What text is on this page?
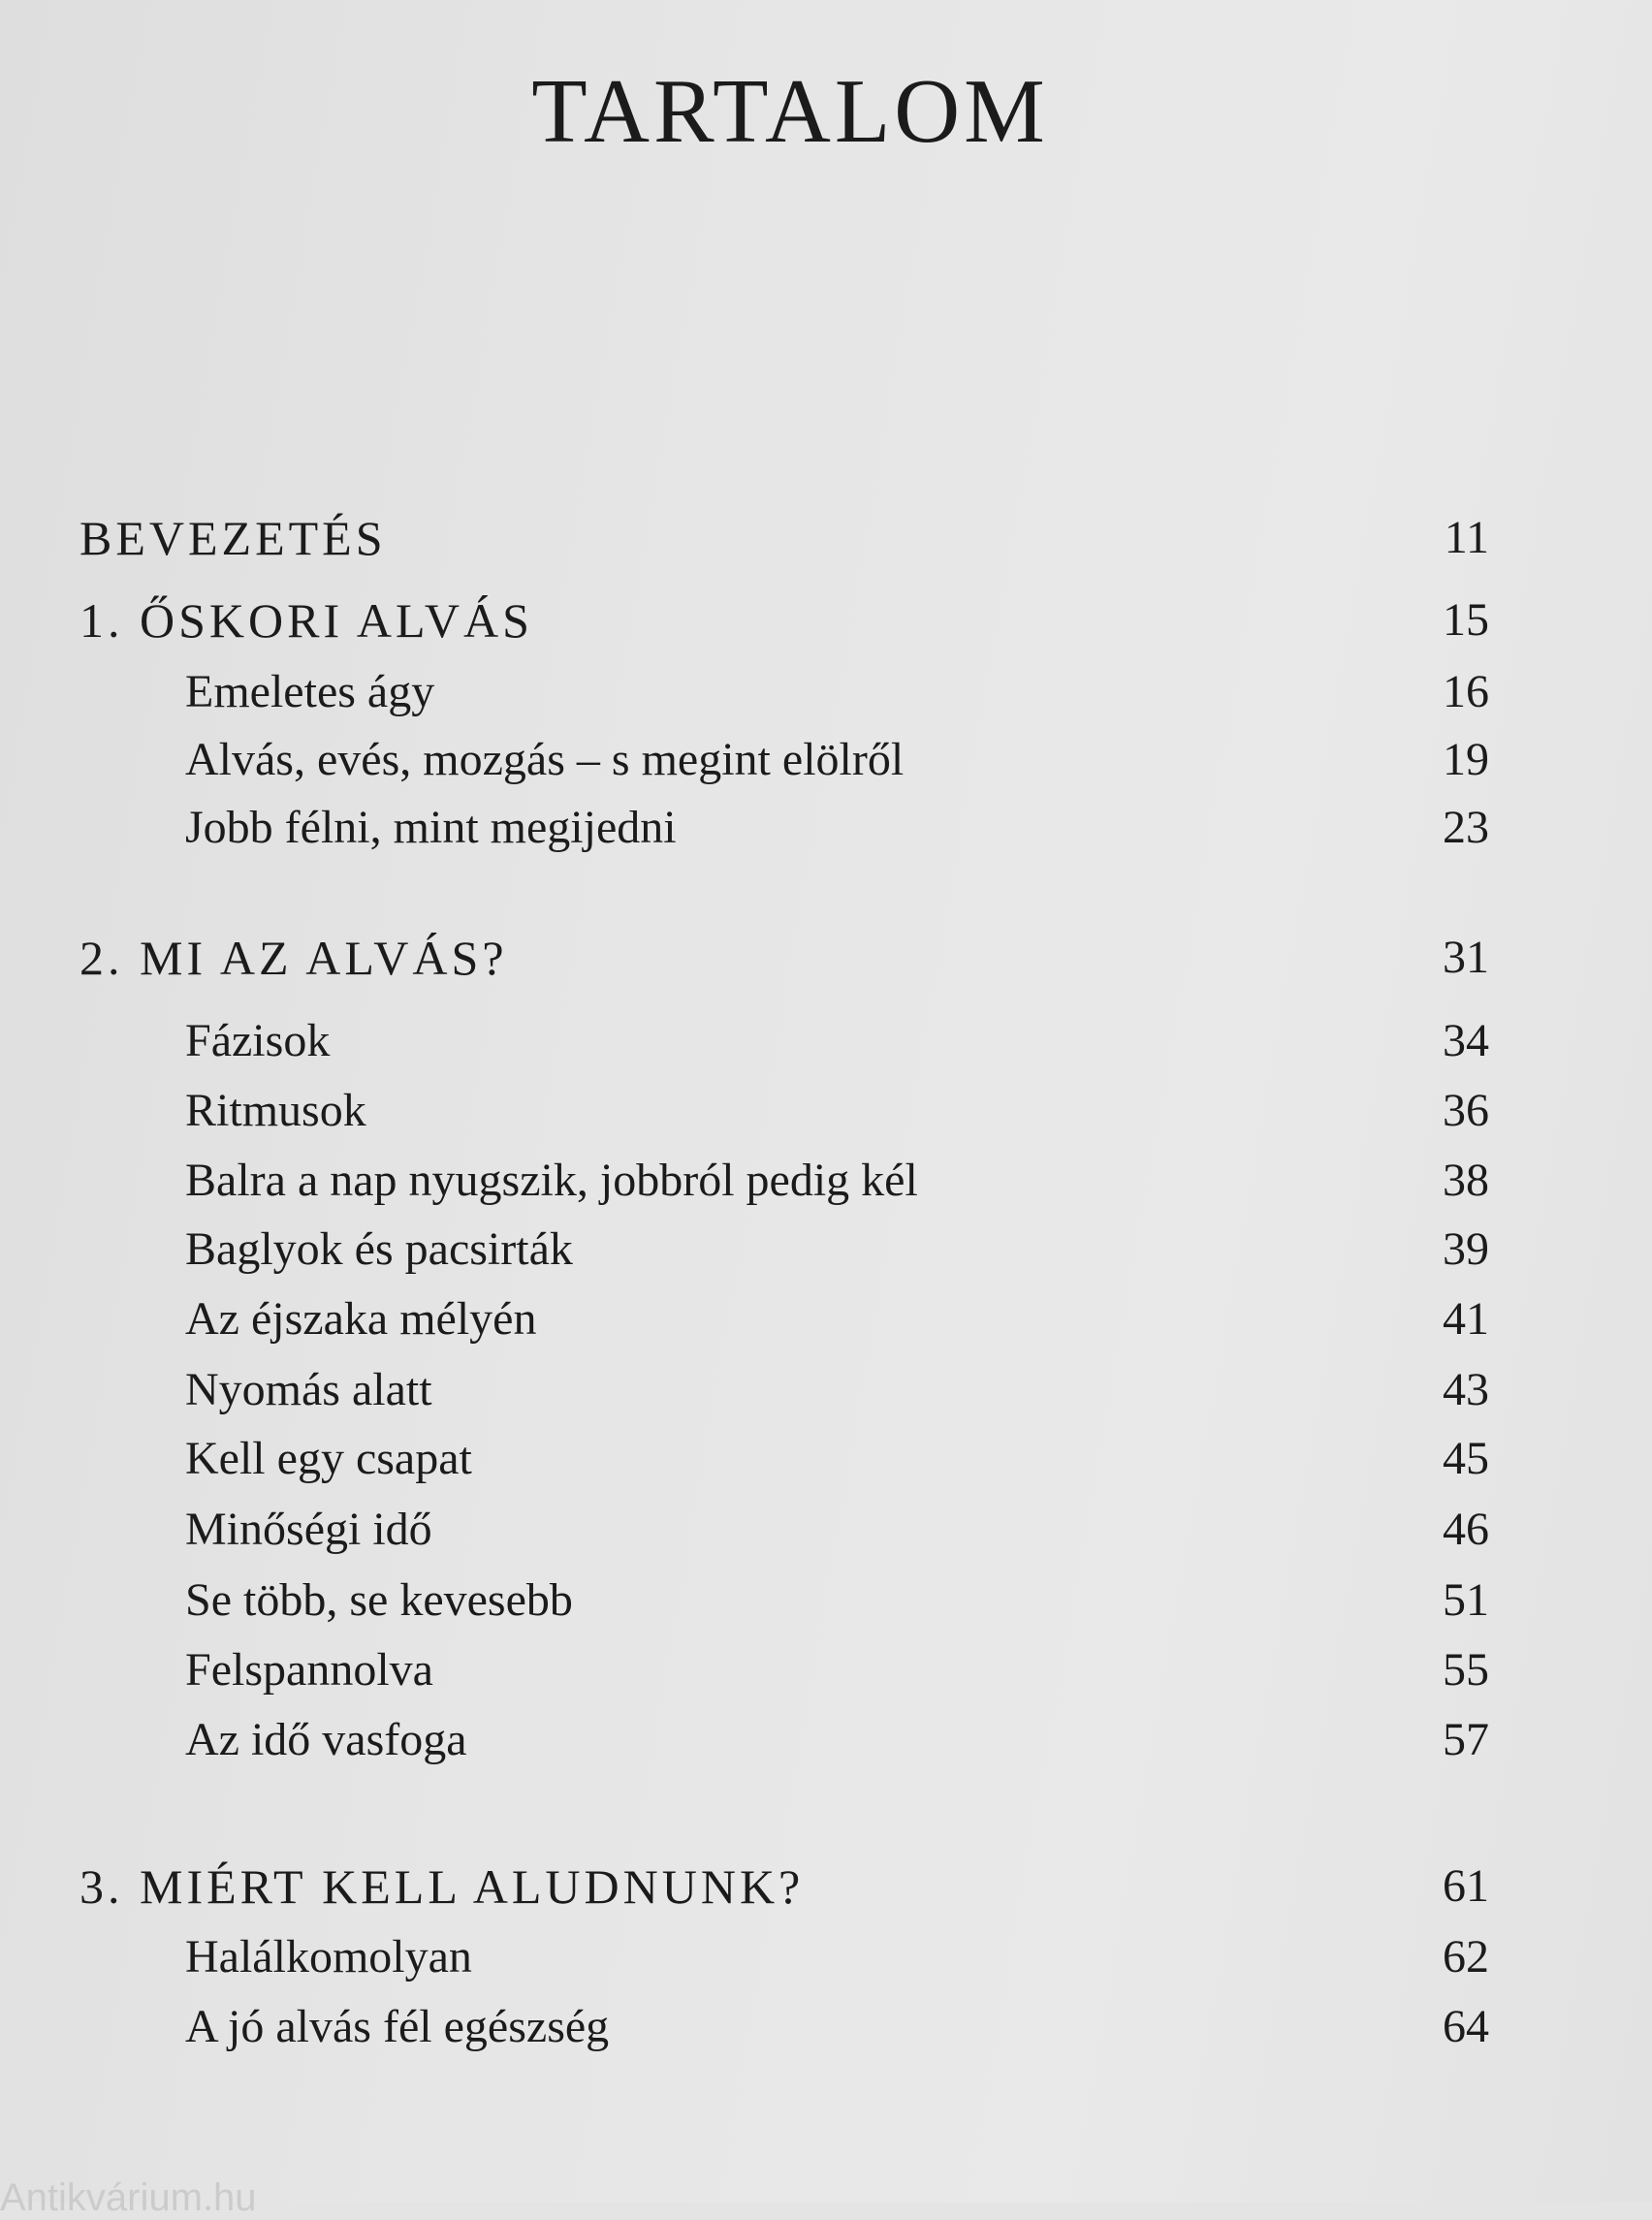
TARTALOM
BEVEZETÉS	11
1. ŐSKORI ALVÁS	15
Emeletes ágy	16
Alvás, evés, mozgás – s megint elölről	19
Jobb félni, mint megijedni	23
2. MI AZ ALVÁS?	31
Fázisok	34
Ritmusok	36
Balra a nap nyugszik, jobbról pedig kél	38
Baglyok és pacsirták	39
Az éjszaka mélyén	41
Nyomás alatt	43
Kell egy csapat	45
Minőségi idő	46
Se több, se kevesebb	51
Felspannolva	55
Az idő vasfoga	57
3. MIÉRT KELL ALUDNUNK?	61
Halálkomolyan	62
A jó alvás fél egészség	64
Antikvárium.hu
